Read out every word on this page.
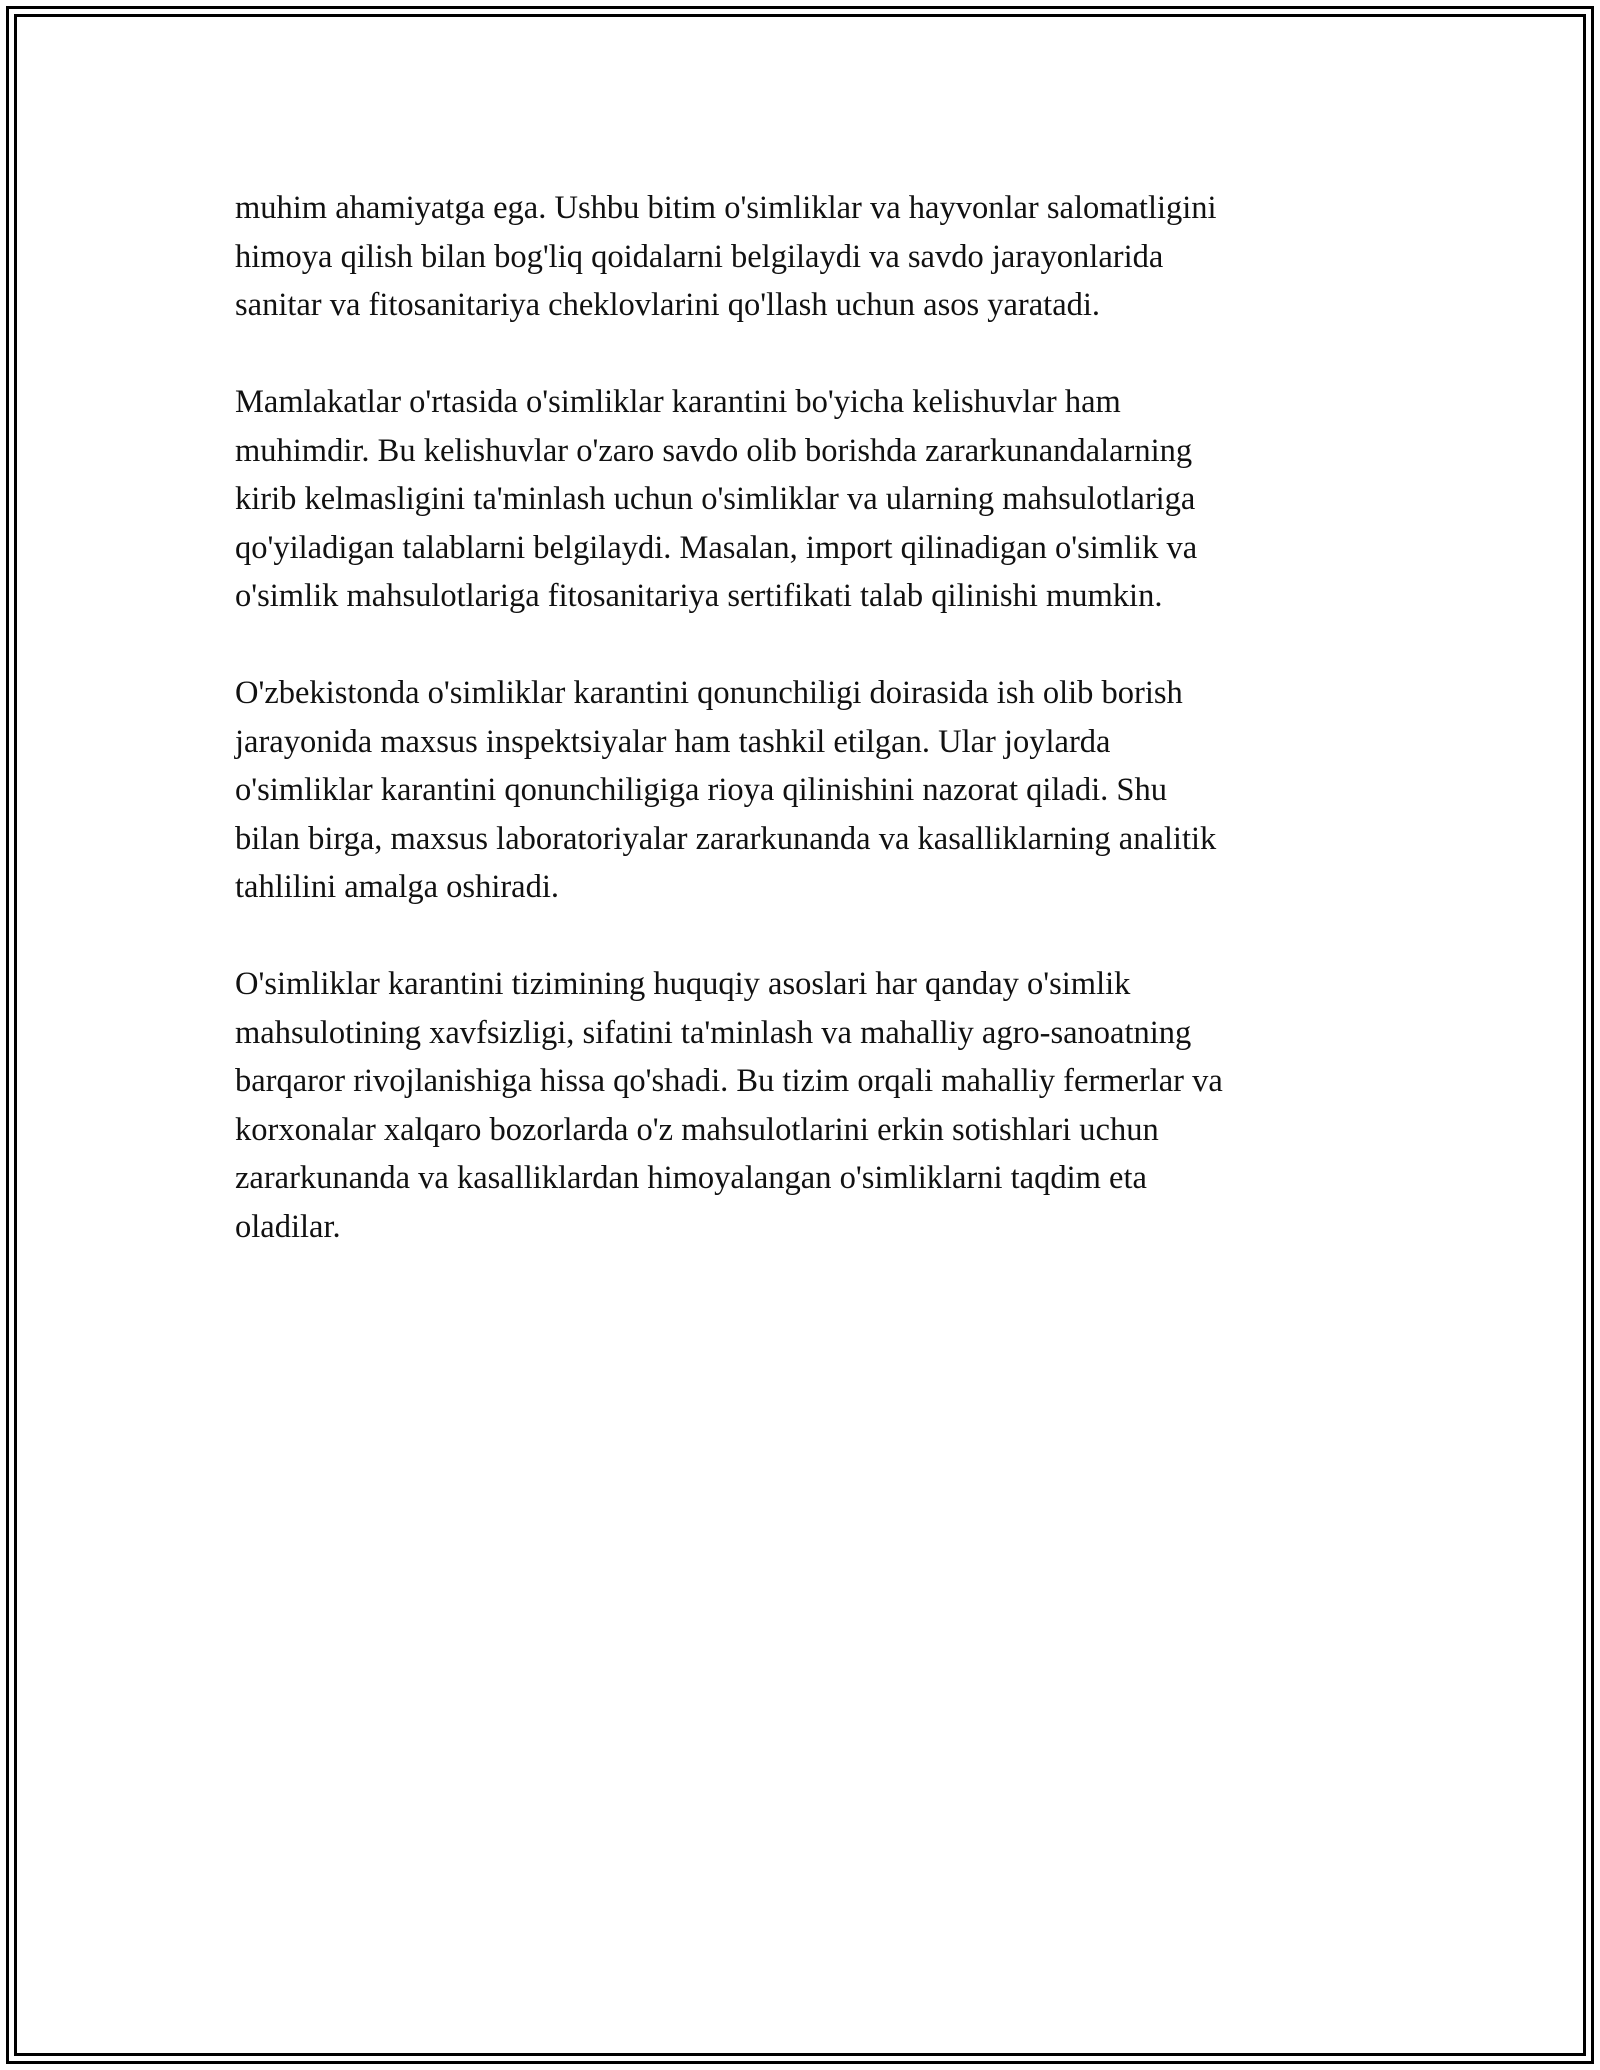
muhim ahamiyatga ega. Ushbu bitim o'simliklar va hayvonlar salomatligini
himoya qilish bilan bog'liq qoidalarni belgilaydi va savdo jarayonlarida
sanitar va fitosanitariya cheklovlarini qo'llash uchun asos yaratadi.

Mamlakatlar o'rtasida o'simliklar karantini bo'yicha kelishuvlar ham
muhimdir. Bu kelishuvlar o'zaro savdo olib borishda zararkunandalarning
kirib kelmasligini ta'minlash uchun o'simliklar va ularning mahsulotlariga
qo'yiladigan talablarni belgilaydi. Masalan, import qilinadigan o'simlik va
o'simlik mahsulotlariga fitosanitariya sertifikati talab qilinishi mumkin.

O'zbekistonda o'simliklar karantini qonunchiligi doirasida ish olib borish
jarayonida maxsus inspektsiyalar ham tashkil etilgan. Ular joylarda
o'simliklar karantini qonunchiligiga rioya qilinishini nazorat qiladi. Shu
bilan birga, maxsus laboratoriyalar zararkunanda va kasalliklarning analitik
tahlilini amalga oshiradi.

O'simliklar karantini tizimining huquqiy asoslari har qanday o'simlik
mahsulotining xavfsizligi, sifatini ta'minlash va mahalliy agro-sanoatning
barqaror rivojlanishiga hissa qo'shadi. Bu tizim orqali mahalliy fermerlar va
korxonalar xalqaro bozorlarda o'z mahsulotlarini erkin sotishlari uchun
zararkunanda va kasalliklardan himoyalangan o'simliklarni taqdim eta
oladilar.
